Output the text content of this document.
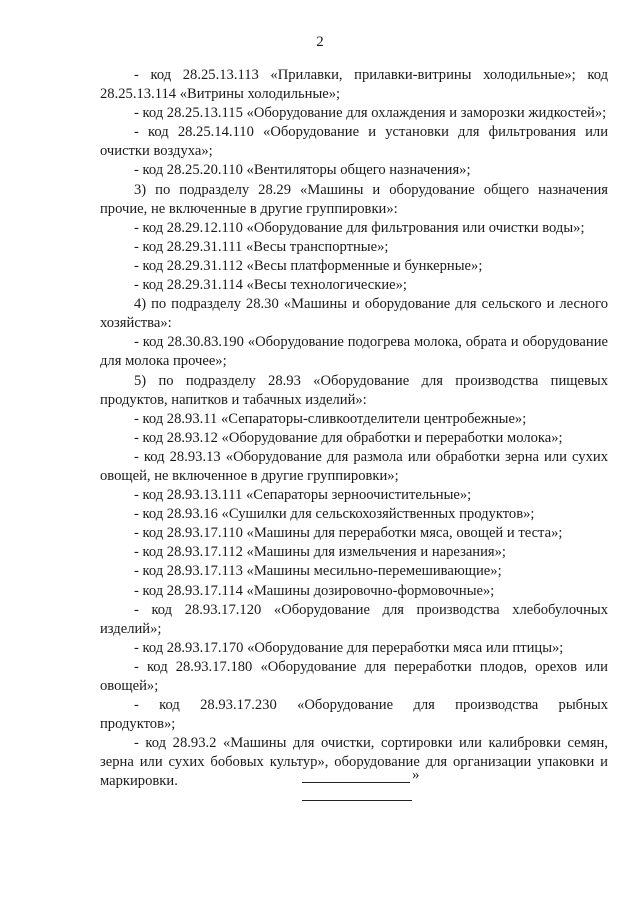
2

- код 28.25.13.113 «Прилавки, прилавки-витрины холодильные»; код 28.25.13.114 «Витрины холодильные»;

- код 28.25.13.115 «Оборудование для охлаждения и заморозки жидкостей»;

- код 28.25.14.110 «Оборудование и установки для фильтрования или очистки воздуха»;

- код 28.25.20.110 «Вентиляторы общего назначения»;

3) по подразделу 28.29 «Машины и оборудование общего назначения прочие, не включенные в другие группировки»:

- код 28.29.12.110 «Оборудование для фильтрования или очистки воды»;

- код 28.29.31.111 «Весы транспортные»;

- код 28.29.31.112 «Весы платформенные и бункерные»;

- код 28.29.31.114 «Весы технологические»;

4) по подразделу 28.30 «Машины и оборудование для сельского и лесного хозяйства»:

- код 28.30.83.190 «Оборудование подогрева молока, обрата и оборудование для молока прочее»;

5) по подразделу 28.93 «Оборудование для производства пищевых продуктов, напитков и табачных изделий»:

- код 28.93.11 «Сепараторы-сливкоотделители центробежные»;

- код 28.93.12 «Оборудование для обработки и переработки молока»;

- код 28.93.13 «Оборудование для размола или обработки зерна или сухих овощей, не включенное в другие группировки»;

- код 28.93.13.111 «Сепараторы зерноочистительные»;

- код 28.93.16 «Сушилки для сельскохозяйственных продуктов»;

- код 28.93.17.110 «Машины для переработки мяса, овощей и теста»;

- код 28.93.17.112 «Машины для измельчения и нарезания»;

- код 28.93.17.113 «Машины месильно-перемешивающие»;

- код 28.93.17.114 «Машины дозировочно-формовочные»;

- код 28.93.17.120 «Оборудование для производства хлебобулочных изделий»;

- код 28.93.17.170 «Оборудование для переработки мяса или птицы»;

- код 28.93.17.180 «Оборудование для переработки плодов, орехов или овощей»;

- код 28.93.17.230 «Оборудование для производства рыбных продуктов»;

- код 28.93.2 «Машины для очистки, сортировки или калибровки семян, зерна или сухих бобовых культур», оборудование для организации упаковки и маркировки.	»
